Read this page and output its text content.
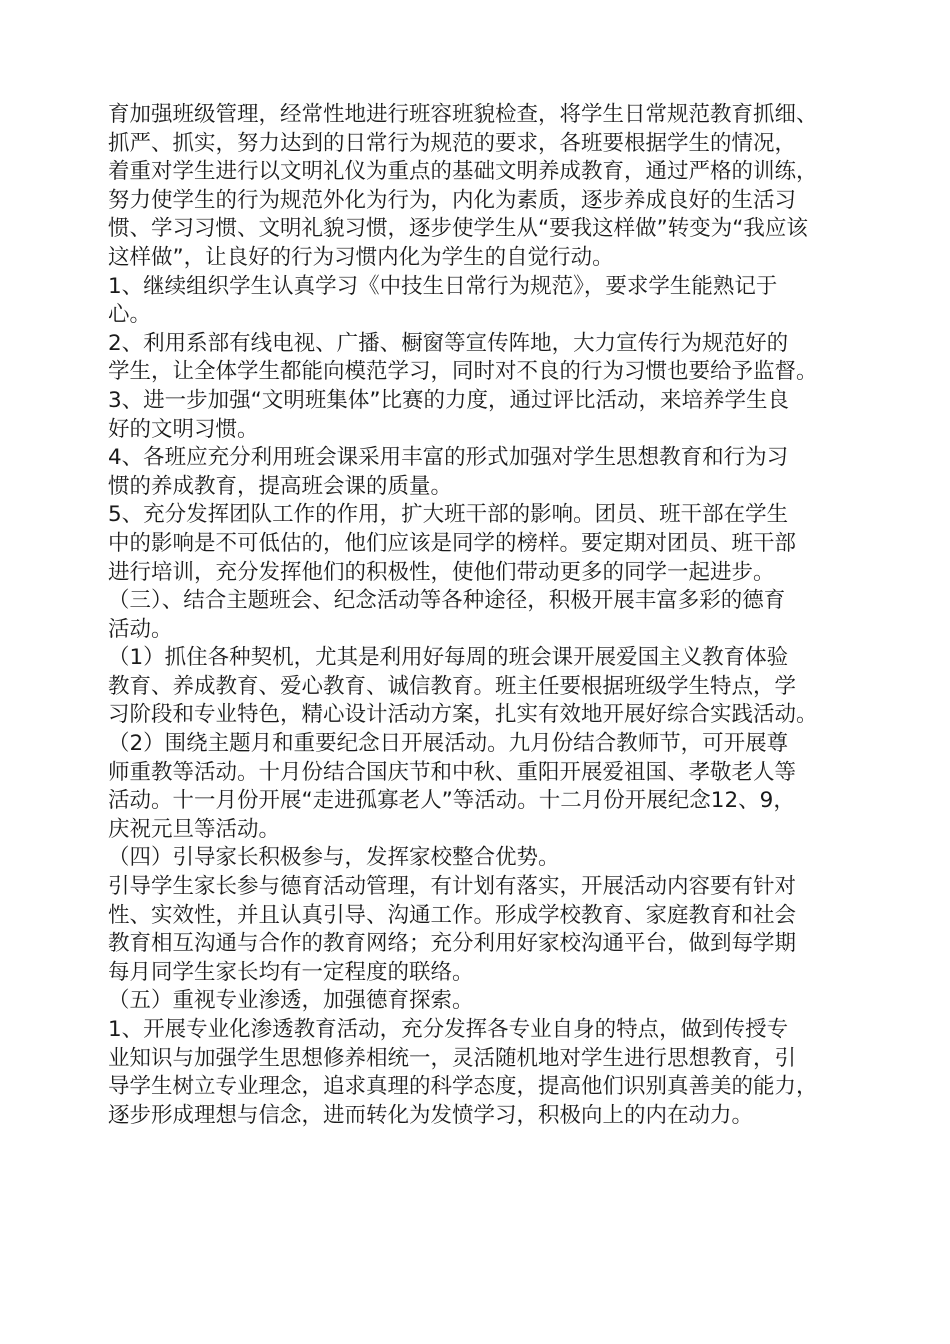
育加强班级管理，经常性地进行班容班貌检查，将学生日常规范教育抓细、
抓严、抓实，努力达到的日常行为规范的要求，各班要根据学生的情况，
着重对学生进行以文明礼仪为重点的基础文明养成教育，通过严格的训练，
努力使学生的行为规范外化为行为，内化为素质，逐步养成良好的生活习
惯、学习习惯、文明礼貌习惯，逐步使学生从“要我这样做”转变为“我应该
这样做”，让良好的行为习惯内化为学生的自觉行动。
1、继续组织学生认真学习《中技生日常行为规范》，要求学生能熟记于
心。
2、利用系部有线电视、广播、橱窗等宣传阵地，大力宣传行为规范好的
学生，让全体学生都能向模范学习，同时对不良的行为习惯也要给予监督。
3、进一步加强“文明班集体”比赛的力度，通过评比活动，来培养学生良
好的文明习惯。
4、各班应充分利用班会课采用丰富的形式加强对学生思想教育和行为习
惯的养成教育，提高班会课的质量。
5、充分发挥团队工作的作用，扩大班干部的影响。团员、班干部在学生
中的影响是不可低估的，他们应该是同学的榜样。要定期对团员、班干部
进行培训，充分发挥他们的积极性，使他们带动更多的同学一起进步。
（三）、结合主题班会、纪念活动等各种途径，积极开展丰富多彩的德育
活动。
（1）抓住各种契机，尤其是利用好每周的班会课开展爱国主义教育体验
教育、养成教育、爱心教育、诚信教育。班主任要根据班级学生特点，学
习阶段和专业特色，精心设计活动方案，扎实有效地开展好综合实践活动。
（2）围绕主题月和重要纪念日开展活动。九月份结合教师节，可开展尊
师重教等活动。十月份结合国庆节和中秋、重阳开展爱祖国、孝敬老人等
活动。十一月份开展“走进孤寡老人”等活动。十二月份开展纪念12、9，
庆祝元旦等活动。
（四）引导家长积极参与，发挥家校整合优势。
引导学生家长参与德育活动管理，有计划有落实，开展活动内容要有针对
性、实效性，并且认真引导、沟通工作。形成学校教育、家庭教育和社会
教育相互沟通与合作的教育网络；充分利用好家校沟通平台，做到每学期
每月同学生家长均有一定程度的联络。
（五）重视专业渗透，加强德育探索。
1、开展专业化渗透教育活动，充分发挥各专业自身的特点，做到传授专
业知识与加强学生思想修养相统一，灵活随机地对学生进行思想教育，引
导学生树立专业理念，追求真理的科学态度，提高他们识别真善美的能力，
逐步形成理想与信念，进而转化为发愤学习，积极向上的内在动力。
